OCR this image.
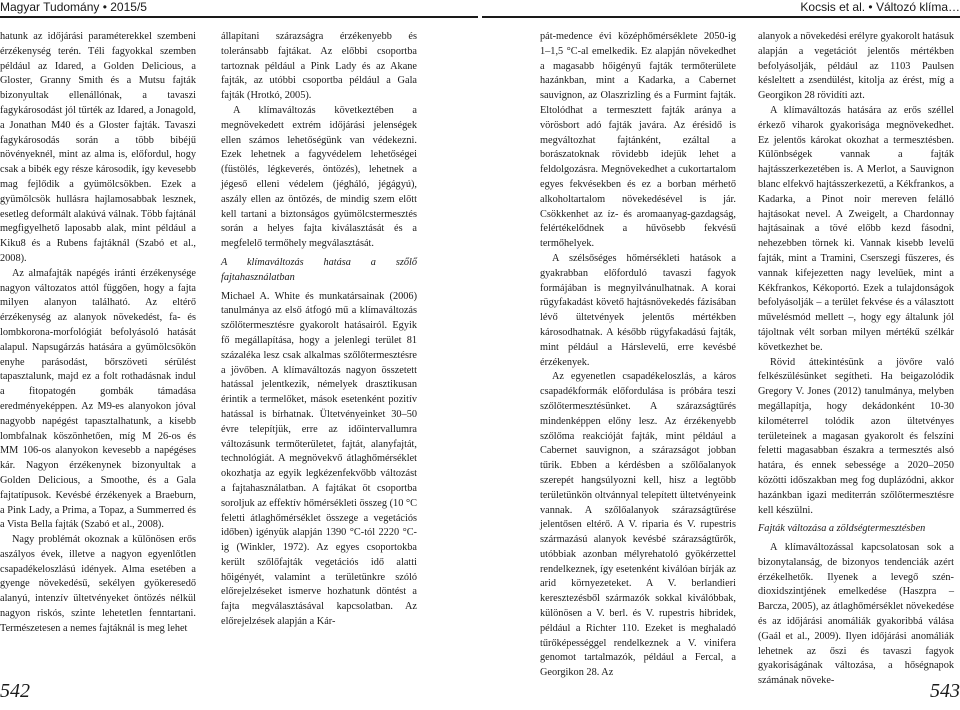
Magyar Tudomány • 2015/5	Kocsis et al. • Változó klíma…

hatunk az időjárási paraméterekkel szembeni érzékenység terén. Téli fagyokkal szemben például az Idared, a Golden Delicious, a Gloster, Granny Smith és a Mutsu fajták bizonyultak ellenállónak, a tavaszi fagykárosodást jól tűrték az Idared, a Jonagold, a Jonathan M40 és a Gloster fajták. Tavaszi fagykárosodás során a több bibéjű növényeknél, mint az alma is, előfordul, hogy csak a bibék egy része károsodik, így kevesebb mag fejlődik a gyümölcsökben. Ezek a gyümölcsök hullásra hajlamosabbak lesznek, esetleg deformált alakúvá válnak. Több fajtánál megfigyelhető laposabb alak, mint például a Kiku8 és a Rubens fajtáknál (Szabó et al., 2008).

Az almafajták napégés iránti érzékenysége nagyon változatos attól függően, hogy a fajta milyen alanyon található. Az eltérő érzékenység az alanyok növekedést, fa- és lombkorona-morfológiát befolyásoló hatását alapul. Napsugárzás hatására a gyümölcsökön enyhe parásodást, bőrszöveti sérülést tapasztalunk, majd ez a folt rothadásnak indul a fitopatogén gombák támadása eredményeképpen. Az M9-es alanyokon jóval nagyobb napégést tapasztalhatunk, a kisebb lombfalnak köszönhetően, míg M 26-os és MM 106-os alanyokon kevesebb a napégéses kár. Nagyon érzékenynek bizonyultak a Golden Delicious, a Smoothe, és a Gala fajtatípusok. Kevésbé érzékenyek a Braeburn, a Pink Lady, a Prima, a Topaz, a Summerred és a Vista Bella fajták (Szabó et al., 2008).

Nagy problémát okoznak a különösen erős aszályos évek, illetve a nagyon egyenlőtlen csapadékeloszlású idények. Alma esetében a gyenge növekedésű, sekélyen gyökeresedő alanyú, intenzív ültetvényeket öntözés nélkül nagyon riskós, szinte lehetetlen fenntartani. Természetesen a nemes fajtáknál is meg lehet

állapítani szárazságra érzékenyebb és toleránsabb fajtákat. Az előbbi csoportba tartoznak például a Pink Lady és az Akane fajták, az utóbbi csoportba például a Gala fajták (Hrotkó, 2005).

A klímaváltozás következtében a megnövekedett extrém időjárási jelenségek ellen számos lehetőségünk van védekezni. Ezek lehetnek a fagyvédelem lehetőségei (füstölés, légkeverés, öntözés), lehetnek a jégeső elleni védelem (jégháló, jégágyú), aszály ellen az öntözés, de mindig szem előtt kell tartani a biztonságos gyümölcstermesztés során a helyes fajta kiválasztását és a megfelelő termőhely megválasztását.

A klímaváltozás hatása a szőlő fajtahasználatban

Michael A. White és munkatársainak (2006) tanulmánya az első átfogó mű a klímaváltozás szőlőtermesztésre gyakorolt hatásairól. Egyik fő megállapítása, hogy a jelenlegi terület 81 százaléka lesz csak alkalmas szőlőtermesztésre a jövőben. A klímaváltozás nagyon összetett hatással jelentkezik, némelyek drasztikusan érintik a termelőket, mások esetenként pozitív hatással is bírhatnak. Ültetvényeinket 30–50 évre telepítjük, erre az időintervallumra változásunk termőterületet, fajtát, alanyfajtát, technológiát. A megnövekvő átlaghőmérséklet okozhatja az egyik legkézenfekvőbb változást a fajtahasználatban. A fajtákat öt csoportba soroljuk az effektív hőmérsékleti összeg (10 °C feletti átlaghőmérséklet összege a vegetációs időben) igényük alapján 1390 °C-tól 2220 °C-ig (Winkler, 1972). Az egyes csoportokba került szőlőfajták vegetációs idő alatti hőigényét, valamint a területünkre szóló előrejelzéseket ismerve hozhatunk döntést a fajta megválasztásával kapcsolatban. Az előrejelzések alapján a Kár-

pát-medence évi középhőmérséklete 2050-ig 1–1,5 °C-al emelkedik. Ez alapján növekedhet a magasabb hőigényű fajták termőterülete hazánkban, mint a Kadarka, a Cabernet sauvignon, az Olaszrizling és a Furmint fajták. Eltolódhat a termesztett fajták aránya a vörösbort adó fajták javára. Az érésidő is megváltozhat fajtánként, ezáltal a borászatoknak rövidebb idejük lehet a feldolgozásra. Megnövekedhet a cukortartalom egyes fekvésekben és ez a borban mérhető alkoholtartalom növekedésével is jár. Csökkenhet az íz- és aromaanyag-gazdagság, felértékelődnek a hűvösebb fekvésű termőhelyek.

A szélsőséges hőmérsékleti hatások a gyakrabban előforduló tavaszi fagyok formájában is megnyilvánulhatnak. A korai rügyfakadást követő hajtásnövekedés fázisában lévő ültetvények jelentős mértékben károsodhatnak. A később rügyfakadású fajták, mint például a Hárslevelű, erre kevésbé érzékenyek.

Az egyenetlen csapadékeloszlás, a káros csapadékformák előfordulása is próbára teszi szőlőtermesztésünket. A szárazságtűrés mindenképpen előny lesz. Az érzékenyebb szőlőma reakcióját fajták, mint például a Cabernet sauvignon, a szárazságot jobban tűrik. Ebben a kérdésben a szőlőalanyok szerepét hangsúlyozni kell, hisz a legtöbb területünkön oltvánnyal telepített ültetvényeink vannak. A szőlőalanyok szárazságtűrése jelentősen eltérő. A V. riparia és V. rupestris származású alanyok kevésbé szárazságtűrők, utóbbiak azonban mélyrehatoló gyökérzettel rendelkeznek, így esetenként kiválóan bírják az arid környezeteket. A V. berlandieri keresztezésből származók sokkal kiválóbbak, különösen a V. berl. és V. rupestris hibridek, például a Richter 110. Ezeket is meghaladó tűrőképességgel rendelkeznek a V. vinifera genomot tartalmazók, például a Fercal, a Georgikon 28. Az

alanyok a növekedési erélyre gyakorolt hatásuk alapján a vegetációt jelentős mértékben befolyásolják, például az 1103 Paulsen késleltett a zsendülést, kitolja az érést, míg a Georgikon 28 rövidíti azt.

A klímaváltozás hatására az erős széllel érkező viharok gyakorisága megnövekedhet. Ez jelentős károkat okozhat a termesztésben. Különbségek vannak a fajták hajtásszerkezetében is. A Merlot, a Sauvignon blanc elfekvő hajtásszerkezetű, a Kékfrankos, a Kadarka, a Pinot noir mereven felálló hajtásokat nevel. A Zweigelt, a Chardonnay hajtásainak a tövé előbb kezd fásodni, nehezebben törnek ki. Vannak kisebb levelű fajták, mint a Tramini, Cserszegi fűszeres, és vannak kifejezetten nagy levelűek, mint a Kékfrankos, Kékoportó. Ezek a tulajdonságok befolyásolják – a terület fekvése és a választott művelésmód mellett –, hogy egy általunk jól tájoltnak vélt sorban milyen mértékű szélkár következhet be.

Rövid áttekintésünk a jövőre való felkészülésünket segítheti. Ha beigazolódik Gregory V. Jones (2012) tanulmánya, melyben megállapítja, hogy dekádonként 10-30 kilométerrel tolódik azon ültetvényes területeinek a magasan gyakorolt és felszíni feletti magasabban északra a termesztés alsó határa, és ennek sebessége a 2020–2050 közötti időszakban meg fog duplázódni, akkor hazánkban igazi mediterrán szőlőtermesztésre kell készülni.

Fajták változása a zöldségtermesztésben

A klímaváltozással kapcsolatosan sok a bizonytalanság, de bizonyos tendenciák azért érzékelhetők. Ilyenek a levegő szén-dioxidszintjének emelkedése (Haszpra – Barcza, 2005), az átlaghőmérséklet növekedése és az időjárási anomáliák gyakoribbá válása (Gaál et al., 2009). Ilyen időjárási anomáliák lehetnek az őszi és tavaszi fagyok gyakoriságának változása, a hőségnapok számának növeke-

542	543
